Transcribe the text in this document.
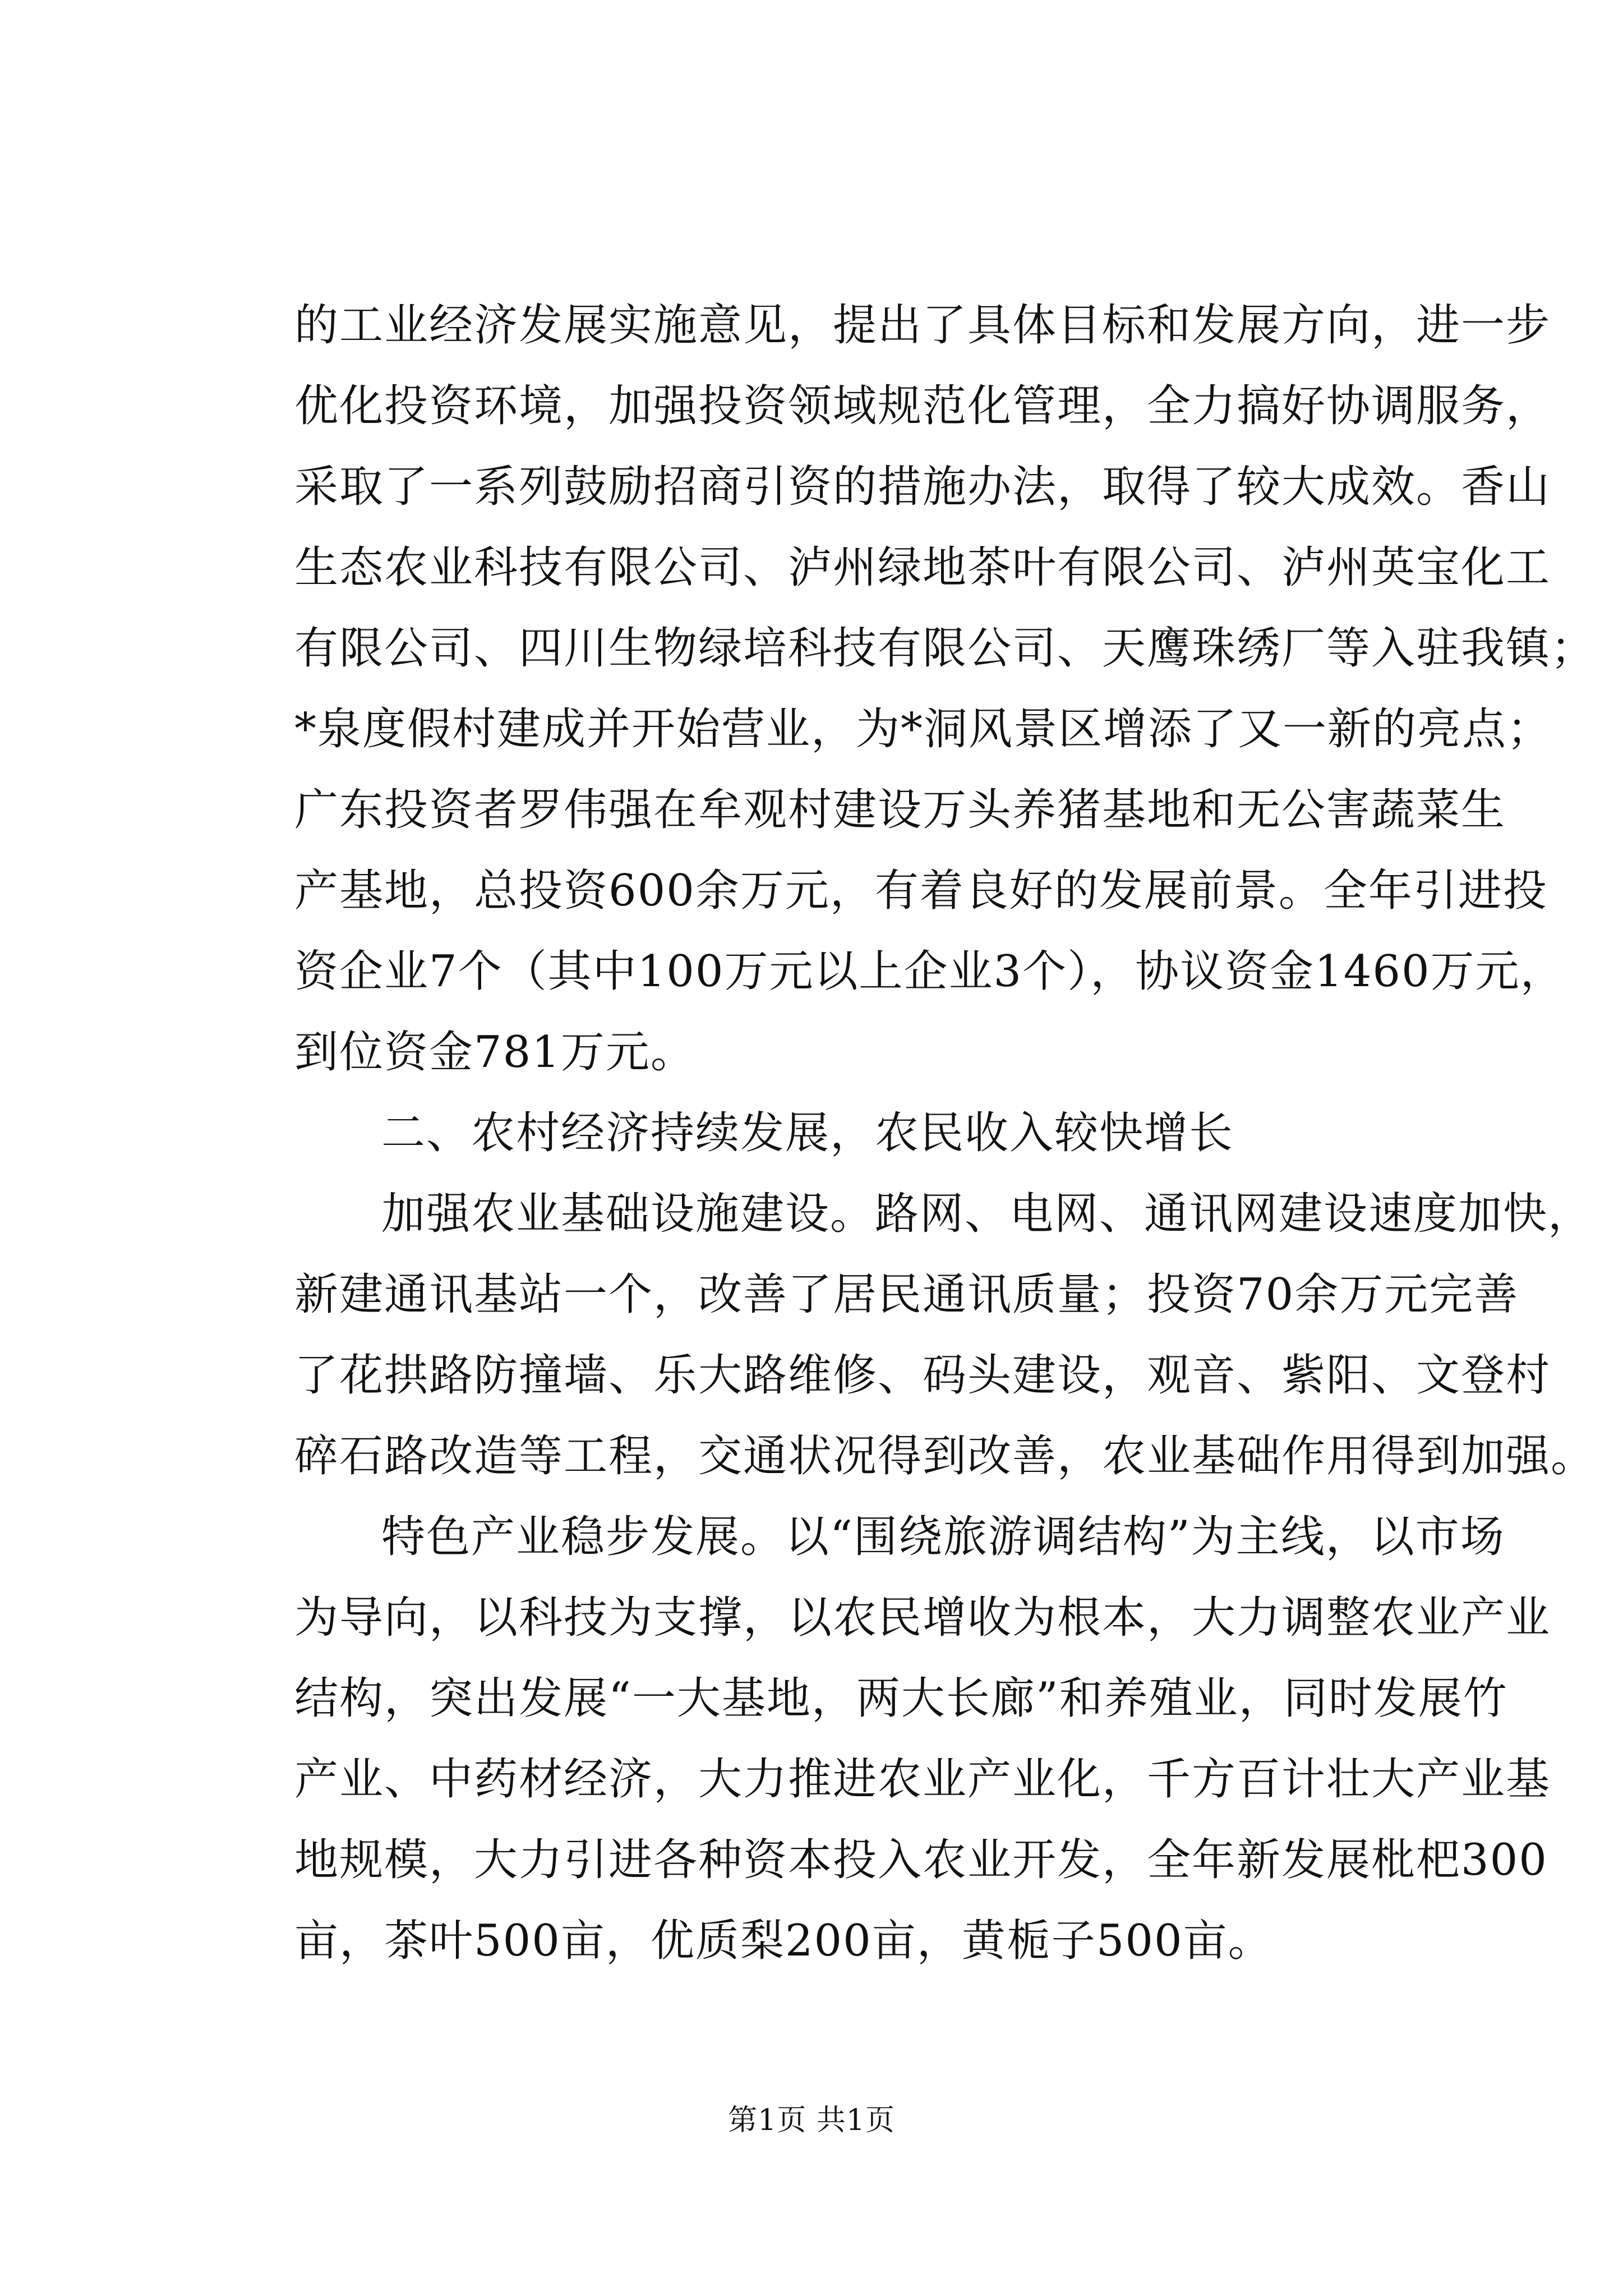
的工业经济发展实施意见，提出了具体目标和发展方向，进一步
优化投资环境，加强投资领域规范化管理，全力搞好协调服务，
采取了一系列鼓励招商引资的措施办法，取得了较大成效。香山
生态农业科技有限公司、泸州绿地茶叶有限公司、泸州英宝化工
有限公司、四川生物绿培科技有限公司、天鹰珠绣厂等入驻我镇；
*泉度假村建成并开始营业，为*洞风景区增添了又一新的亮点；
广东投资者罗伟强在牟观村建设万头养猪基地和无公害蔬菜生
产基地，总投资600余万元，有着良好的发展前景。全年引进投
资企业7个（其中100万元以上企业3个），协议资金1460万元，
到位资金781万元。
二、农村经济持续发展，农民收入较快增长
加强农业基础设施建设。路网、电网、通讯网建设速度加快，
新建通讯基站一个，改善了居民通讯质量；投资70余万元完善
了花拱路防撞墙、乐大路维修、码头建设，观音、紫阳、文登村
碎石路改造等工程，交通状况得到改善，农业基础作用得到加强。
特色产业稳步发展。以“围绕旅游调结构”为主线，以市场
为导向，以科技为支撑，以农民增收为根本，大力调整农业产业
结构，突出发展“一大基地，两大长廊”和养殖业，同时发展竹
产业、中药材经济，大力推进农业产业化，千方百计壮大产业基
地规模，大力引进各种资本投入农业开发，全年新发展枇杷300
亩，茶叶500亩，优质梨200亩，黄栀子500亩。
第1页 共1页
